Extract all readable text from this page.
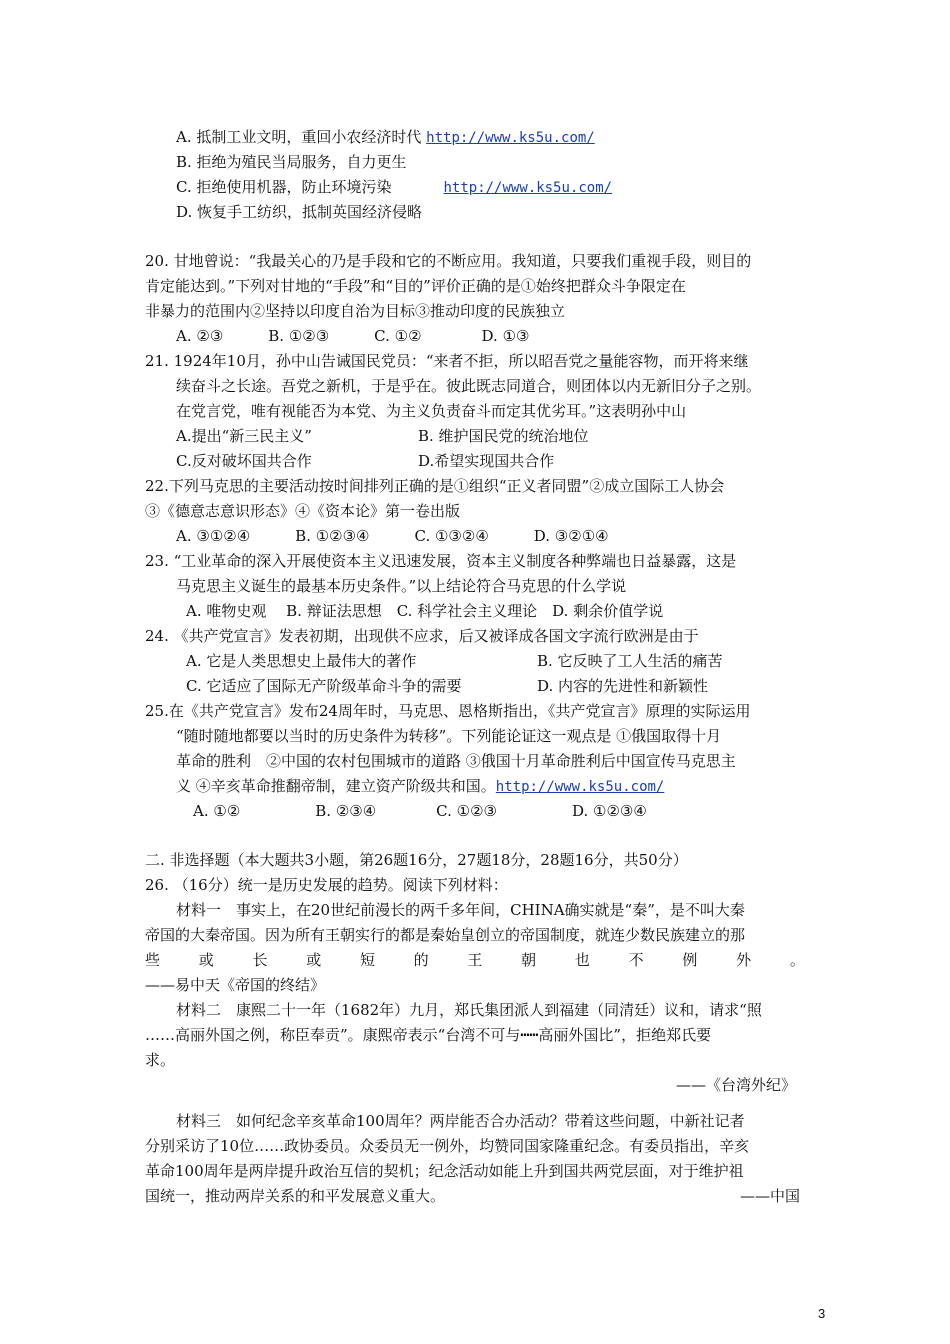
A. 抵制工业文明，重回小农经济时代 http://www.ks5u.com/
B. 拒绝为殖民当局服务，自力更生
C. 拒绝使用机器，防止环境污染	http://www.ks5u.com/
D. 恢复手工纺织，抵制英国经济侵略
20. 甘地曾说：“我最关心的乃是手段和它的不断应用。我知道，只要我们重视手段，则目的
肯定能达到。”下列对甘地的“手段”和“目的”评价正确的是①始终把群众斗争限定在
非暴力的范围内②坚持以印度自治为目标③推动印度的民族独立
A. ②③　　　B. ①②③　　　C. ①②　　　　D. ①③
21. 1924年10月，孙中山告诫国民党员：“来者不拒，所以昭吾党之量能容物，而开将来继
续奋斗之长途。吾党之新机，于是乎在。彼此既志同道合，则团体以内无新旧分子之别。
在党言党，唯有视能否为本党、为主义负责奋斗而定其优劣耳。”这表明孙中山
A.提出“新三民主义”	B. 维护国民党的统治地位
C.反对破坏国共合作	D.希望实现国共合作
22.下列马克思的主要活动按时间排列正确的是①组织“正义者同盟”②成立国际工人协会
③《德意志意识形态》④《资本论》第一卷出版
A. ③①②④　　　B. ①②③④　　　C. ①③②④　　　D. ③②①④
23. “工业革命的深入开展使资本主义迅速发展，资本主义制度各种弊端也日益暴露，这是
马克思主义诞生的最基本历史条件。”以上结论符合马克思的什么学说
A. 唯物史观　 B. 辩证法思想　C. 科学社会主义理论　D. 剩余价值学说
24. 《共产党宣言》发表初期，出现供不应求，后又被译成各国文字流行欧洲是由于
A. 它是人类思想史上最伟大的著作	B. 它反映了工人生活的痛苦
C. 它适应了国际无产阶级革命斗争的需要	D. 内容的先进性和新颖性
25.在《共产党宣言》发布24周年时，马克思、恩格斯指出，《共产党宣言》原理的实际运用
“随时随地都要以当时的历史条件为转移”。下列能论证这一观点是 ①俄国取得十月
革命的胜利　②中国的农村包围城市的道路 ③俄国十月革命胜利后中国宣传马克思主
义 ④辛亥革命推翻帝制，建立资产阶级共和国。http://www.ks5u.com/
A. ①②　　　　　B. ②③④　　　　C. ①②③　　　　　D. ①②③④
二. 非选择题（本大题共3小题，第26题16分，27题18分，28题16分，共50分）
26. （16分）统一是历史发展的趋势。阅读下列材料：
材料一　事实上，在20世纪前漫长的两千多年间，CHINA确实就是“秦”，是不叫大秦
帝国的大秦帝国。因为所有王朝实行的都是秦始皇创立的帝国制度，就连少数民族建立的那
些	或	长	或	短	的	王	朝	也	不	例	外	。
——易中天《帝国的终结》
材料二　康熙二十一年（1682年）九月，郑氏集团派人到福建（同清廷）议和，请求“照
……高丽外国之例，称臣奉贡”。康熙帝表示“台湾不可与┅┅高丽外国比”，拒绝郑氏要
求。
——《台湾外纪》
材料三　如何纪念辛亥革命100周年？两岸能否合办活动？带着这些问题，中新社记者
分别采访了10位……政协委员。众委员无一例外，均赞同国家隆重纪念。有委员指出，辛亥
革命100周年是两岸提升政治互信的契机；纪念活动如能上升到国共两党层面，对于维护祖
国统一，推动两岸关系的和平发展意义重大。	——中国
3
